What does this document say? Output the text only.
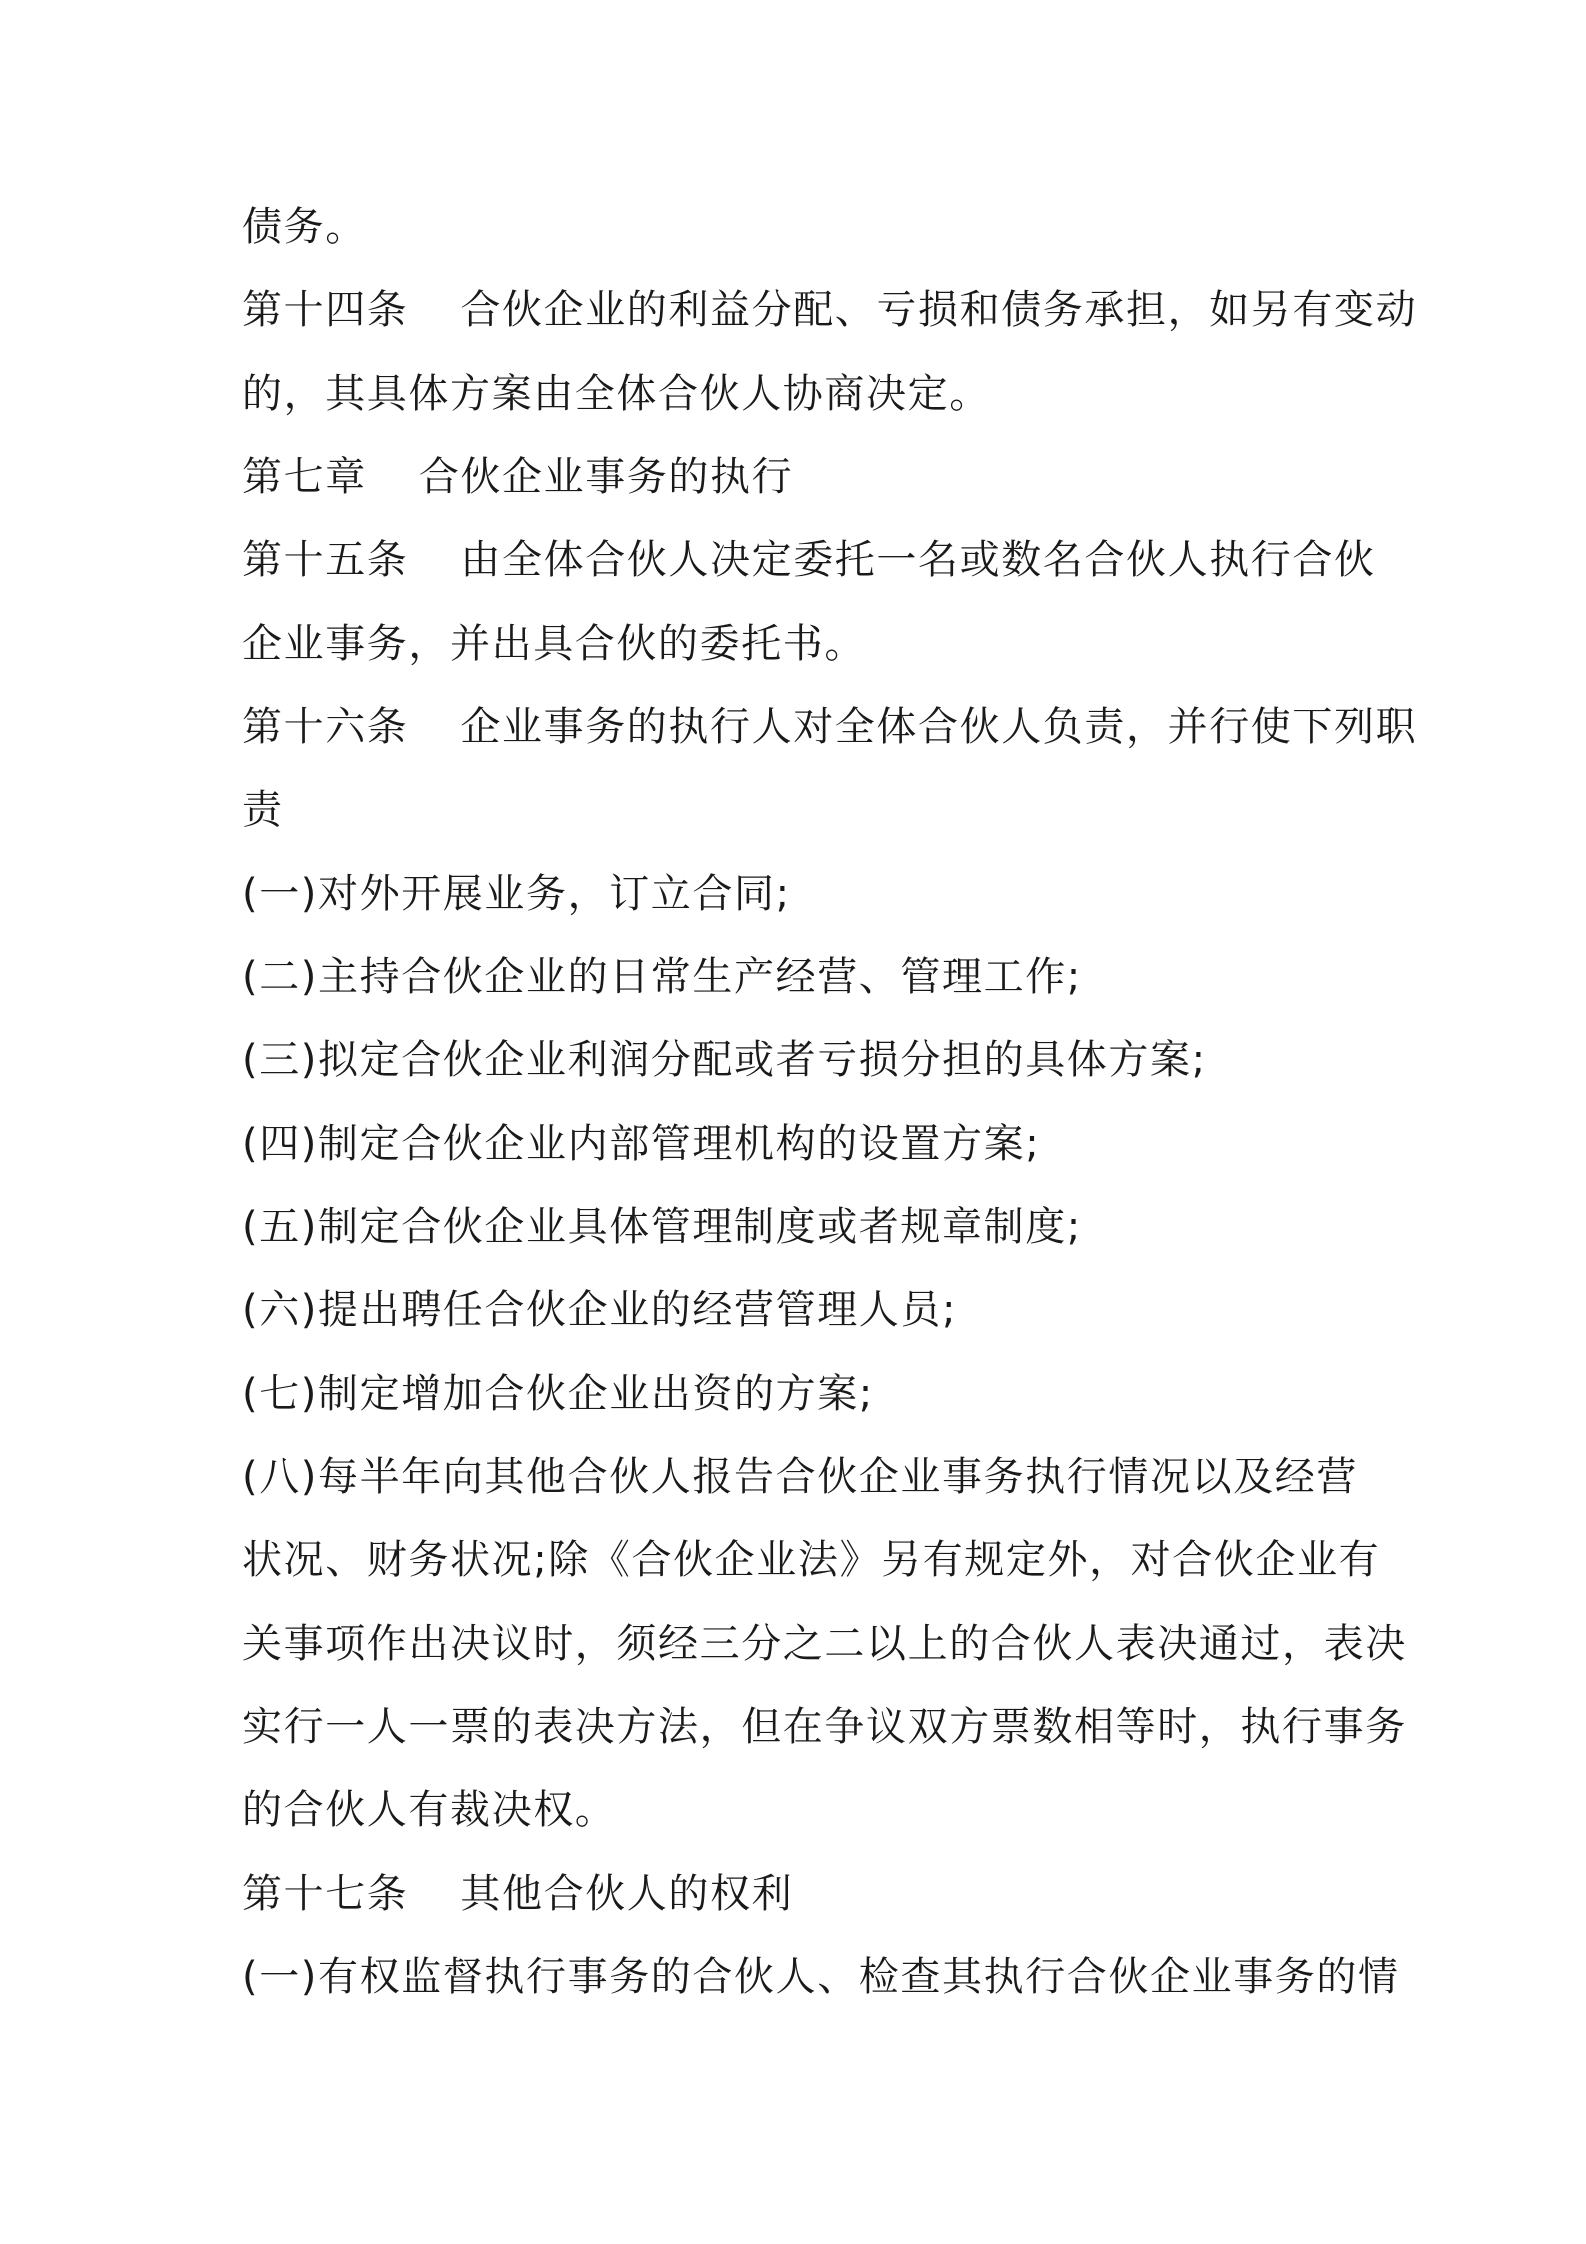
债务。
第十四条 合伙企业的利益分配、亏损和债务承担，如另有变动
的，其具体方案由全体合伙人协商决定。
第七章 合伙企业事务的执行
第十五条 由全体合伙人决定委托一名或数名合伙人执行合伙
企业事务，并出具合伙的委托书。
第十六条 企业事务的执行人对全体合伙人负责，并行使下列职
责
(一)对外开展业务，订立合同;
(二)主持合伙企业的日常生产经营、管理工作;
(三)拟定合伙企业利润分配或者亏损分担的具体方案;
(四)制定合伙企业内部管理机构的设置方案;
(五)制定合伙企业具体管理制度或者规章制度;
(六)提出聘任合伙企业的经营管理人员;
(七)制定增加合伙企业出资的方案;
(八)每半年向其他合伙人报告合伙企业事务执行情况以及经营
状况、财务状况;除《合伙企业法》另有规定外，对合伙企业有
关事项作出决议时，须经三分之二以上的合伙人表决通过，表决
实行一人一票的表决方法，但在争议双方票数相等时，执行事务
的合伙人有裁决权。
第十七条 其他合伙人的权利
(一)有权监督执行事务的合伙人、检查其执行合伙企业事务的情
